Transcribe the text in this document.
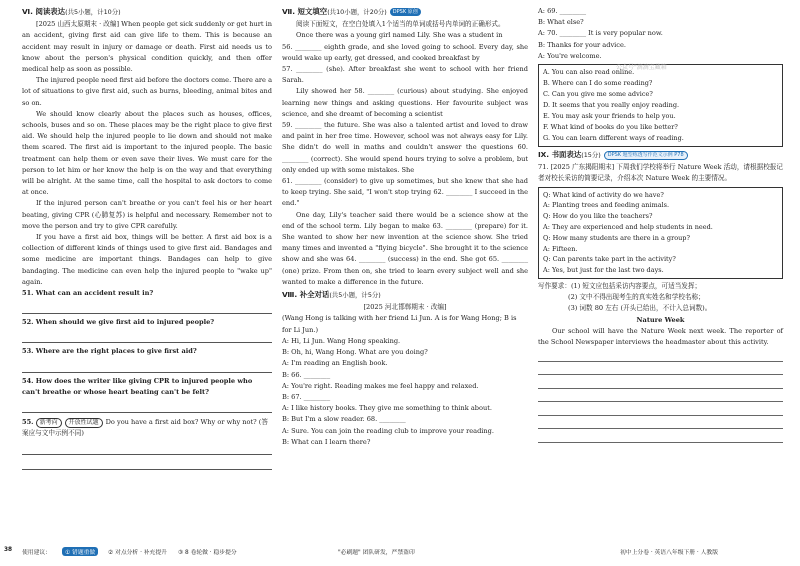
Ⅵ. 阅读表达(共5小题，计10分)

[2025 山西太原期末 · 改编] When people get sick suddenly or get hurt in an accident, giving first aid can give life to them. This is because an accident may result in injury or damage or death. First aid needs us to know about the person's physical condition quickly, and then offer medical help as soon as possible.

The injured people need first aid before the doctors come. There are a lot of situations to give first aid, such as burns, bleeding, animal bites and so on.

We should know clearly about the places such as houses, offices, schools, buses and so on. These places may be the right place to give first aid. We should help the injured people to lie down and should not make them scared. The first aid is important to the injured people. The basic treatment can help them or even save their lives. We must care for the person to let him or her know the help is on the way and that everything will be alright. At the same time, call the hospital to ask doctors to come at once.

If the injured person can't breathe or you can't feel his or her heart beating, giving CPR (心肺复苏) is helpful and necessary. Remember not to move the person and try to give CPR carefully.

If you have a first aid box, things will be better. A first aid box is a collection of different kinds of things used to give first aid. Bandages and some medicine are important things. Bandages can help to give bandaging. The medicine can even help the injured people to "wake up" again.

51. What can an accident result in?

52. When should we give first aid to injured people?

53. Where are the right places to give first aid?

54. How does the writer like giving CPR to injured people who can't breathe or whose heart beating can't be felt?

55. 新考向 开放性试题 Do you have a first aid box? Why or why not? (答案应与文中示例不同)

Ⅶ. 短文填空(共10小题，计20分) DPSK 原创

阅读下面短文，在空白处填入1个适当的单词或括号内单词的正确形式。

Once there was a young girl named Lily. She was a student in

56. ________ eighth grade, and she loved going to school. Every day, she would wake up early, get dressed, and cooked breakfast by

57. ________ (she). After breakfast she went to school with her friend Sarah.

Lily showed her 58. ________ (curious) about studying. She enjoyed learning new things and asking questions. Her favourite subject was science, and she dreamt of becoming a scientist

59. ________ the future. She was also a talented artist and loved to draw and paint in her free time. However, school was not always easy for Lily. She didn't do well in maths and couldn't answer the questions 60. ________ (correct). She would spend hours trying to solve a problem, but only ended up with some mistakes. She

61. ________ (consider) to give up sometimes, but she knew that she had to keep trying. She said, "I won't stop trying 62. ________ I succeed in the end."

One day, Lily's teacher said there would be a science show at the end of the school term. Lily began to make 63. ________ (prepare) for it. She wanted to show her new invention at the science show. She tried many times and invented a "flying bicycle". She brought it to the science show and she was 64. ________ (success) in the end. She got 65. ________ (one) prize. From then on, she tried to learn every subject well and she wanted to make a difference in the future.

Ⅷ. 补全对话(共5小题，计5分)

[2025 河北邯郸期末 · 改编]

(Wang Hong is talking with her friend Li Jun. A is for Wang Hong; B is for Li Jun.)

A: Hi, Li Jun. Wang Hong speaking.

B: Oh, hi, Wang Hong. What are you doing?

A: I'm reading an English book.

B: 66. ________

A: You're right. Reading makes me feel happy and relaxed.

B: 67. ________

A: I like history books. They give me something to think about.

B: But I'm a slow reader. 68. ________

A: Sure. You can join the reading club to improve your reading.

B: What can I learn there?

A: 69. ________

B: What else?

A: 70. ________ It is very popular now.

B: Thanks for your advice.

A: You're welcome.

公众号"滴滴宝藏箱
A. You can also read online.
B. Where can I do some reading?
C. Can you give me some advice?
D. It seems that you really enjoy reading.
E. You may ask your friends to help you.
F. What kind of books do you like better?
G. You can learn different ways of reading.
Ⅸ. 书面表达(15分) DPSK 题型练透写作范文示例 P78

71. [2025 广东揭阳期末] 下周我们学校将举行 Nature Week 活动，请根据校报记者对校长采访的简要记录，介绍本次 Nature Week 的主要情况。

Q: What kind of activity do we have?
A: Planting trees and feeding animals.
Q: How do you like the teachers?
A: They are experienced and help students in need.
Q: How many students are there in a group?
A: Fifteen.
Q: Can parents take part in the activity?
A: Yes, but just for the last two days.

写作要求：(1) 短文应包括采访内容要点，可适当发挥；

(2) 文中不得出现考生的真实姓名和学校名称；

(3) 词数 80 左右 (开头已给出，不计入总词数)。

Nature Week

Our school will have the Nature Week next week. The reporter of the School Newspaper interviews the headmaster about this activity.

38 使用建议：	① 错题重做	② 对点分析 · 补充提升 ③ 8 卷轮做 · 稳步提分	"必刷题" 团队研发，严禁盗印	初中上分卷 · 英语八年级下册 · 人教版
